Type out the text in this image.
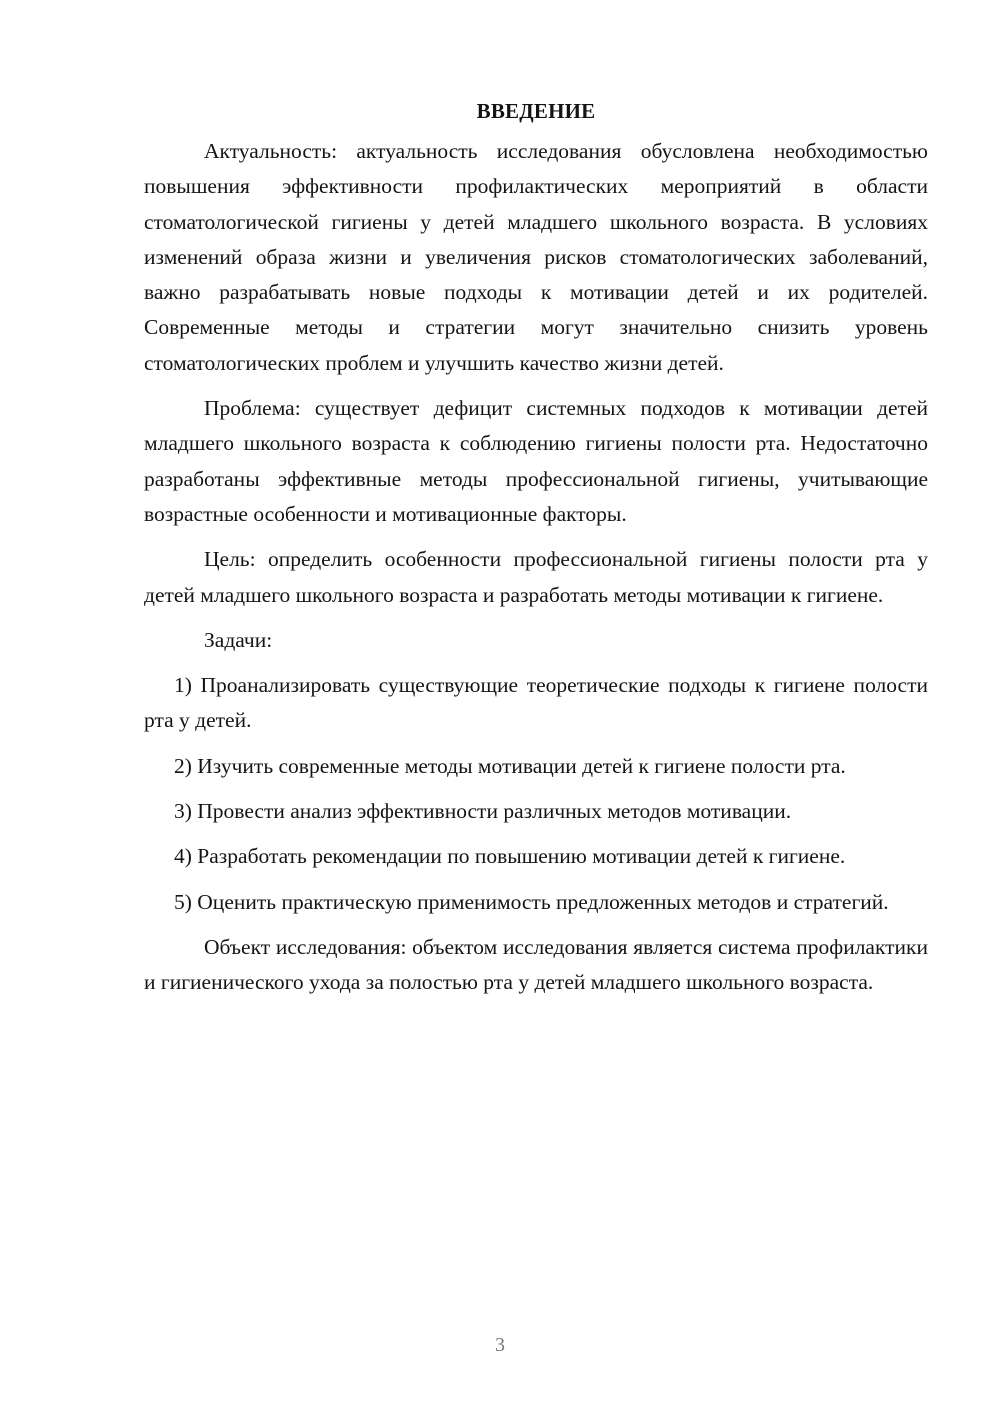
ВВЕДЕНИЕ

Актуальность: актуальность исследования обусловлена необходимостью повышения эффективности профилактических мероприятий в области стоматологической гигиены у детей младшего школьного возраста. В условиях изменений образа жизни и увеличения рисков стоматологических заболеваний, важно разрабатывать новые подходы к мотивации детей и их родителей. Современные методы и стратегии могут значительно снизить уровень стоматологических проблем и улучшить качество жизни детей.

Проблема: существует дефицит системных подходов к мотивации детей младшего школьного возраста к соблюдению гигиены полости рта. Недостаточно разработаны эффективные методы профессиональной гигиены, учитывающие возрастные особенности и мотивационные факторы.

Цель: определить особенности профессиональной гигиены полости рта у детей младшего школьного возраста и разработать методы мотивации к гигиене.

Задачи:

1) Проанализировать существующие теоретические подходы к гигиене полости рта у детей.

2) Изучить современные методы мотивации детей к гигиене полости рта.

3) Провести анализ эффективности различных методов мотивации.

4) Разработать рекомендации по повышению мотивации детей к гигиене.

5) Оценить практическую применимость предложенных методов и стратегий.

Объект исследования: объектом исследования является система профилактики и гигиенического ухода за полостью рта у детей младшего школьного возраста.

3
